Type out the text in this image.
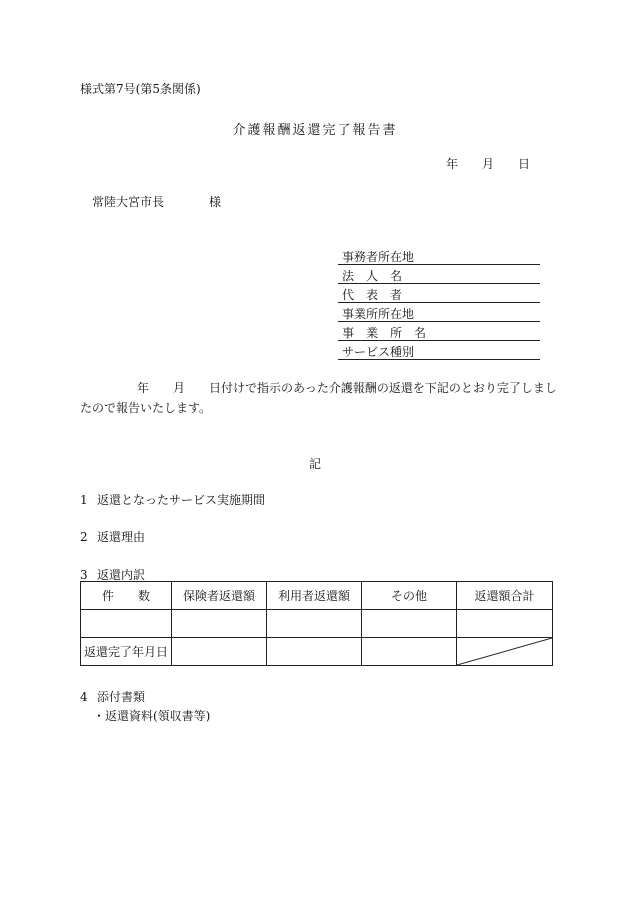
様式第7号(第5条関係)
介護報酬返還完了報告書
年 月 日
常陸大宮市長	様
事務者所在地
法　人　名
代　表　者
事業所所在地
事　業　所　名
サービス種別
年 月 日付けで指示のあった介護報酬の返還を下記のとおり完了しまし
たので報告いたします。
記
1 返還となったサービス実施期間
2 返還理由
3 返還内訳
件　　数	保険者返還額	利用者返還額	その他	返還額合計

返還完了年月日				
4 添付書類
・返還資料(領収書等)
